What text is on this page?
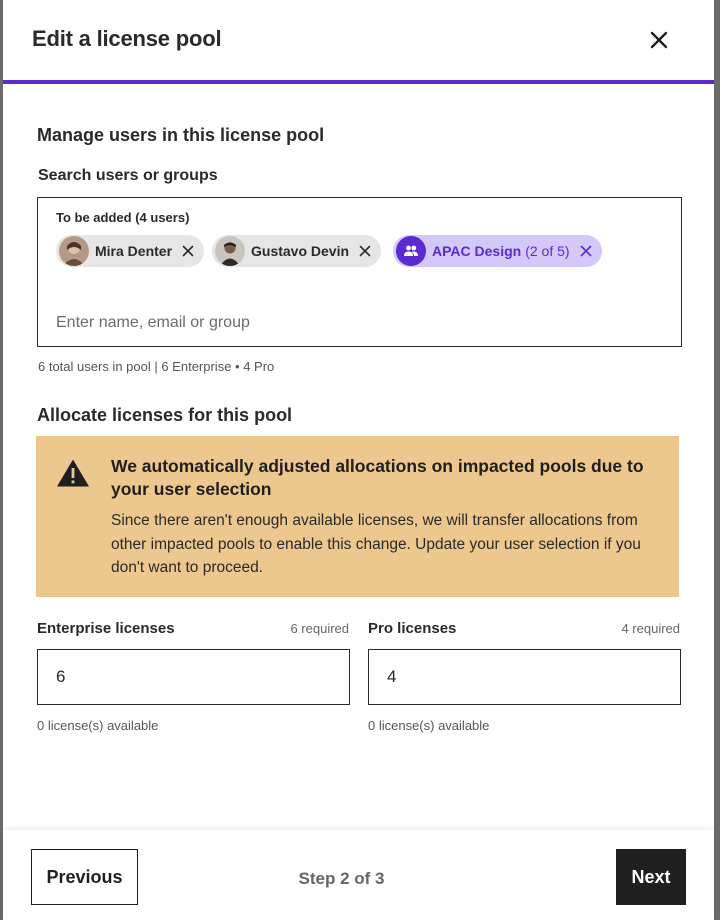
Edit a license pool
Manage users in this license pool
Search users or groups
To be added (4 users)
Mira Denter	Gustavo Devin	APAC Design (2 of 5)
Enter name, email or group
6 total users in pool | 6 Enterprise • 4 Pro
Allocate licenses for this pool
We automatically adjusted allocations on impacted pools due to your user selection
Since there aren't enough available licenses, we will transfer allocations from other impacted pools to enable this change. Update your user selection if you don't want to proceed.
Enterprise licenses	6 required
6
0 license(s) available
Pro licenses	4 required
4
0 license(s) available
Previous	Step 2 of 3	Next
